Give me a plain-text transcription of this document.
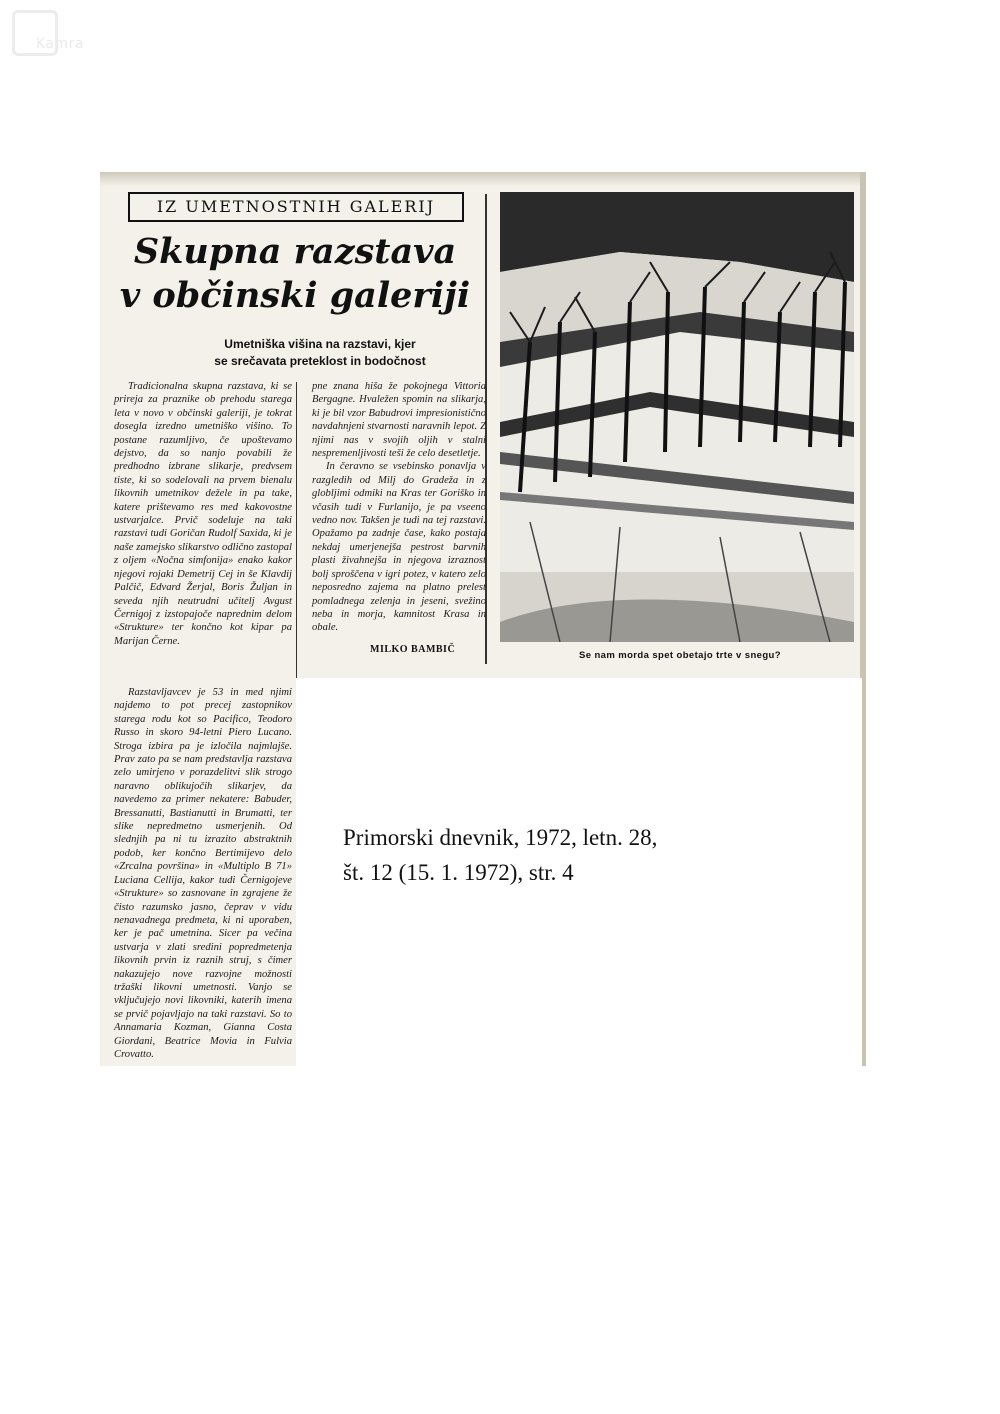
Kamra
IZ UMETNOSTNIH GALERIJ
Skupna razstava
v občinski galeriji
Umetniška višina na razstavi, kjer
se srečavata preteklost in bodočnost

Tradicionalna skupna razstava, ki se prireja za praznike ob prehodu starega leta v novo v občinski galeriji, je tokrat dosegla izredno umetniško višino. To postane razumljivo, če upoštevamo dejstvo, da so nanjo povabili že predhodno izbrane slikarje, predvsem tiste, ki so sodelovali na prvem bienalu likovnih umetnikov dežele in pa take, katere prištevamo res med kakovostne ustvarjalce. Prvič sodeluje na taki razstavi tudi Goričan Rudolf Saxida, ki je naše zamejsko slikarstvo odlično zastopal z oljem «Nočna simfonija» enako kakor njegovi rojaki Demetrij Cej in še Klavdij Palčič, Edvard Žerjal, Boris Žuljan in seveda njih neutrudni učitelj Avgust Černigoj z izstopajoče naprednim delom «Strukture» ter končno kot kipar pa Marijan Černe.

Razstavljavcev je 53 in med njimi najdemo to pot precej zastopnikov starega rodu kot so Pacifico, Teodoro Russo in skoro 94-letni Piero Lucano. Stroga izbira pa je izločila najmlajše. Prav zato pa se nam predstavlja razstava zelo umirjeno v porazdelitvi slik strogo naravno oblikujočih slikarjev, da navedemo za primer nekatere: Babuder, Bressanutti, Bastianutti in Brumatti, ter slike nepredmetno usmerjenih. Od slednjih pa ni tu izrazito abstraktnih podob, ker končno Bertimijevo delo «Zrcalna površina» in «Multiplo B 71» Luciana Cellija, kakor tudi Černigojeve «Strukture» so zasnovane in zgrajene že čisto razumsko jasno, čeprav v vidu nenavadnega predmeta, ki ni uporaben, ker je pač umetnina. Sicer pa večina ustvarja v zlati sredini popredmetenja likovnih prvin iz raznih struj, s čimer nakazujejo nove razvojne možnosti tržaški likovni umetnosti. Vanjo se vključujejo novi likovniki, katerih imena se prvič pojavljajo na taki razstavi. So to Annamaria Kozman, Gianna Costa Giordani, Beatrice Movia in Fulvia Crovatto.

pne znana hiša že pokojnega Vittoria Bergagne. Hvaležen spomin na slikarja, ki je bil vzor Babudrovi impresionistično navdahnjeni stvarnosti naravnih lepot. Z njimi nas v svojih oljih v stalni nespremenljivosti teši že celo desetletje.

In čeravno se vsebinsko ponavlja v razgledih od Milj do Gradeža in z globljimi odmiki na Kras ter Goriško in včasih tudi v Furlanijo, je pa vseeno vedno nov. Takšen je tudi na tej razstavi. Opažamo pa zadnje čase, kako postaja nekdaj umerjenejša pestrost barvnih plasti živahnejša in njegova izraznost bolj sproščena v igri potez, v katero zelo neposredno zajema na platno prelest pomladnega zelenja in jeseni, svežino neba in morja, kamnitost Krasa in obale.

MILKO BAMBIČ
Se nam morda spet obetajo trte v snegu?
Primorski dnevnik, 1972, letn. 28,
št. 12 (15. 1. 1972), str. 4
